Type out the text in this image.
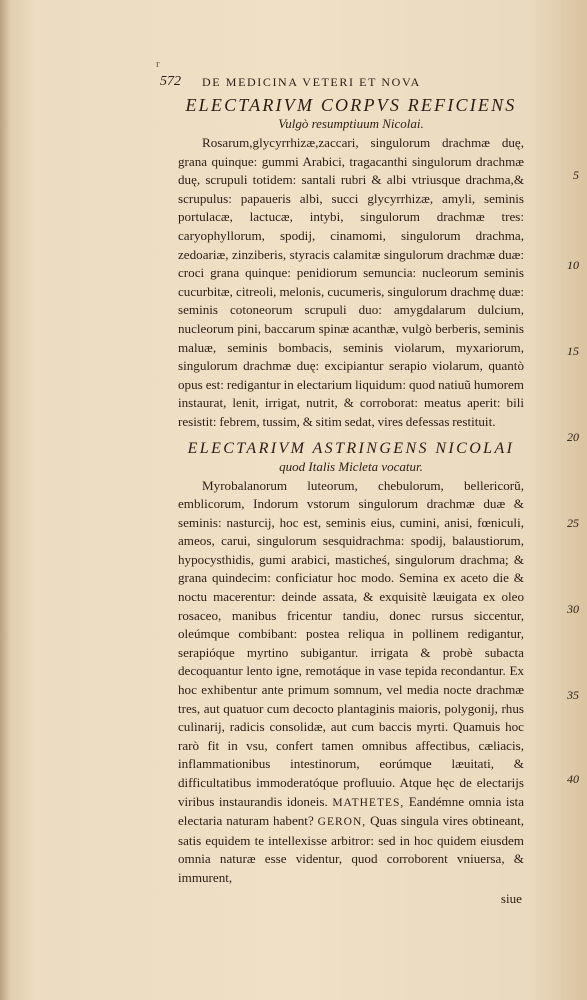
r
572 DE MEDICINA VETERI ET NOVA

ELECTARIVM CORPVS REFICIENS

Vulgò resumptiuum Nicolai.

Rosarum,glycyrrhizæ,zaccari, singulorum drachmæ duę, grana quinque: gummi Arabici, tragacanthi singulorum drachmæ duę, scrupuli totidem: santali rubri & albi vtriusque drachma,& scrupulus: papaueris albi, succi glycyrrhizæ, amyli, seminis portulacæ, lactucæ, intybi, singulorum drachmæ tres: caryophyllorum, spodij, cinamomi, singulorum drachma, zedoariæ, zinziberis, styracis calamitæ singulorum drachmæ duæ: croci grana quinque: penidiorum semuncia: nucleorum seminis cucurbitæ, citreoli, melonis, cucumeris, singulorum drachmę duæ: seminis cotoneorum scrupuli duo: amygdalarum dulcium, nucleorum pini, baccarum spinæ acanthæ, vulgò berberis, seminis maluæ, seminis bombacis, seminis violarum, myxariorum, singulorum drachmæ duę: excipiantur serapio violarum, quantò opus est: redigantur in electarium liquidum: quod natiuũ humorem instaurat, lenit, irrigat, nutrit, & corroborat: meatus aperit: bili resistit: febrem, tussim, & sitim sedat, vires defessas restituit.

ELECTARIVM ASTRINGENS NICOLAI

quod Italis Micleta vocatur.

Myrobalanorum luteorum, chebulorum, bellericorũ, emblicorum, Indorum vstorum singulorum drachmæ duæ & seminis: nasturcij, hoc est, seminis eius, cumini, anisi, fœniculi, ameos, carui, singulorum sesquidrachma: spodij, balaustiorum, hypocysthidis, gumi arabici, masticheś, singulorum drachma; & grana quindecim: conficiatur hoc modo. Semina ex aceto die & noctu macerentur: deinde assata, & exquisitè læuigata ex oleo rosaceo, manibus fricentur tandiu, donec rursus siccentur, oleúmque combibant: postea reliqua in pollinem redigantur, serapióque myrtino subigantur. irrigata & probè subacta decoquantur lento igne, remotáque in vase tepida recondantur. Ex hoc exhibentur ante primum somnum, vel media nocte drachmæ tres, aut quatuor cum decocto plantaginis maioris, polygonij, rhus culinarij, radicis consolidæ, aut cum baccis myrti. Quamuis hoc rarò fit in vsu, confert tamen omnibus affectibus, cæliacis, inflammationibus intestinorum, eorúmque læuitati, & difficultatibus immoderatóque profluuio. Atque hęc de electarijs viribus instaurandis idoneis. MATHETES, Eandémne omnia ista electaria naturam habent? GERON, Quas singula vires obtineant, satis equidem te intellexisse arbitror: sed in hoc quidem eiusdem omnia naturæ esse videntur, quod corroborent vniuersa, & immurent,

siue
5
10
15
20
25
30
35
40
